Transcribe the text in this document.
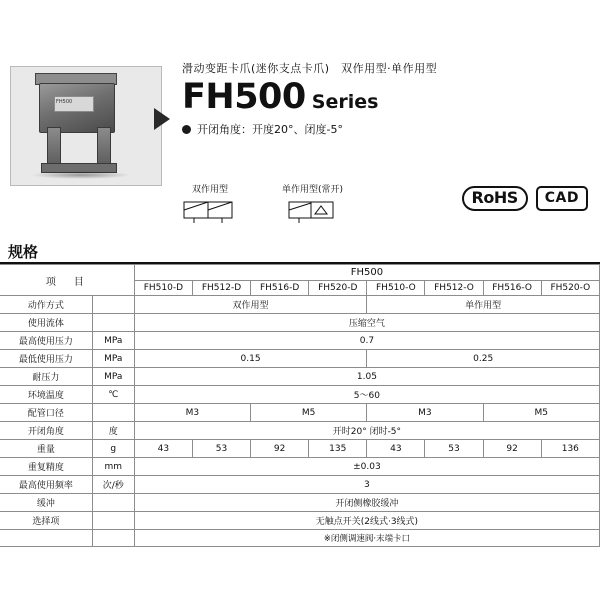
FH500
滑动变距卡爪(迷你支点卡爪)　双作用型·单作用型
FH500 Series
开闭角度：开度20°、闭度-5°
双作用型	单作用型(常开)	RoHS	CAD
规格
项　目		FH500							
		FH510-D	FH512-D	FH516-D	FH520-D	FH510-O	FH512-O	FH516-O	FH520-O
动作方式		双作用型				单作用型			
使用流体		压缩空气							
最高使用压力	MPa	0.7							
最低使用压力	MPa	0.15				0.25			
耐压力	MPa	1.05							
环境温度	℃	5～60							
配管口径		M3		M5		M3		M5	
开闭角度	度	开时20° 闭时-5°							
重量	g	43	53	92	135	43	53	92	136
重复精度	mm	±0.03							
最高使用频率	次/秒	3							
缓冲		开闭侧橡胶缓冲							
选择项		无触点开关(2线式·3线式)							
		※闭侧调速阀·末端卡口							
